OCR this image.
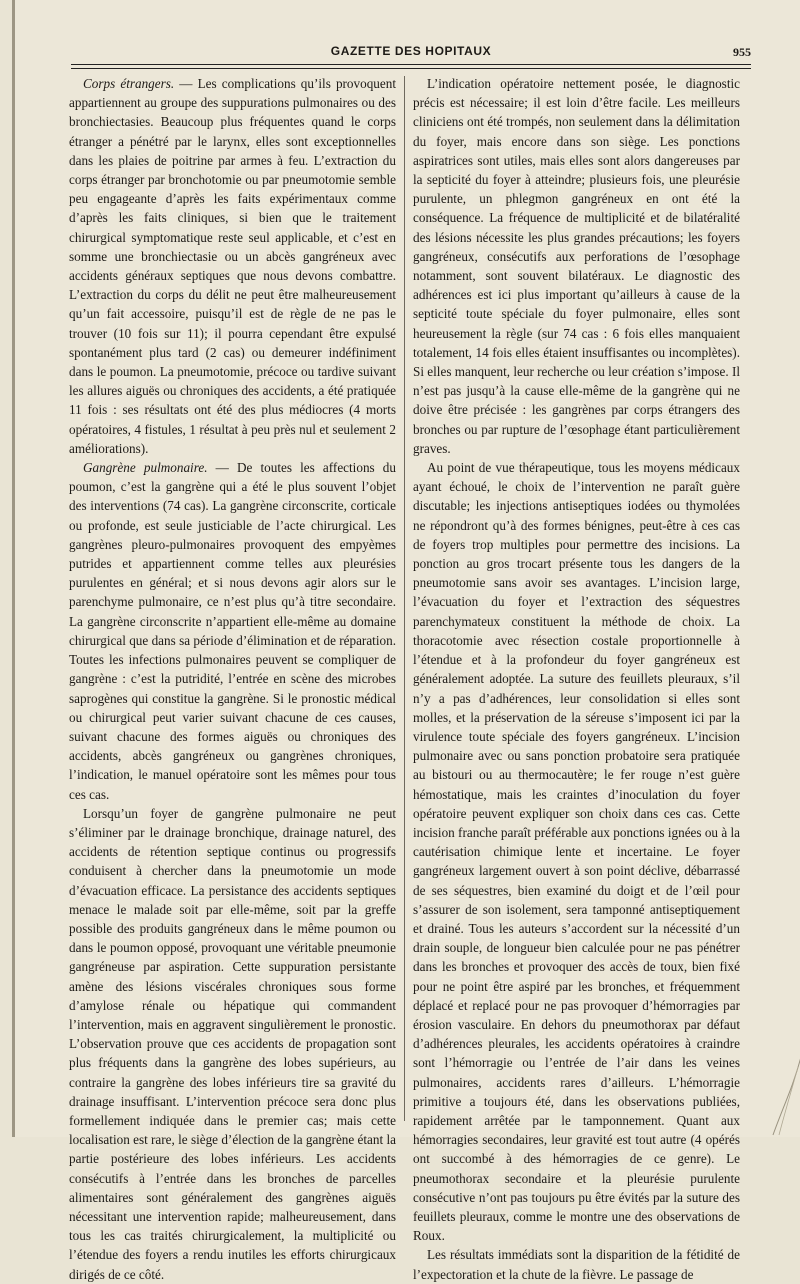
GAZETTE DES HOPITAUX	955

Corps étrangers. — Les complications qu’ils provoquent appartiennent au groupe des suppurations pulmonaires ou des bronchiectasies. Beaucoup plus fréquentes quand le corps étranger a pénétré par le larynx, elles sont exceptionnelles dans les plaies de poitrine par armes à feu. L’extraction du corps étranger par bronchotomie ou par pneumotomie semble peu engageante d’après les faits expérimentaux comme d’après les faits cliniques, si bien que le traitement chirurgical symptomatique reste seul applicable, et c’est en somme une bronchiectasie ou un abcès gangréneux avec accidents généraux septiques que nous devons combattre. L’extraction du corps du délit ne peut être malheureusement qu’un fait accessoire, puisqu’il est de règle de ne pas le trouver (10 fois sur 11); il pourra cependant être expulsé spontanément plus tard (2 cas) ou demeurer indéfiniment dans le poumon. La pneumotomie, précoce ou tardive suivant les allures aiguës ou chroniques des accidents, a été pratiquée 11 fois : ses résultats ont été des plus médiocres (4 morts opératoires, 4 fistules, 1 résultat à peu près nul et seulement 2 améliorations).

Gangrène pulmonaire. — De toutes les affections du poumon, c’est la gangrène qui a été le plus souvent l’objet des interventions (74 cas). La gangrène circonscrite, corticale ou profonde, est seule justiciable de l’acte chirurgical. Les gangrènes pleuro-pulmonaires provoquent des empyèmes putrides et appartiennent comme telles aux pleurésies purulentes en général; et si nous devons agir alors sur le parenchyme pulmonaire, ce n’est plus qu’à titre secondaire. La gangrène circonscrite n’appartient elle-même au domaine chirurgical que dans sa période d’élimination et de réparation. Toutes les infections pulmonaires peuvent se compliquer de gangrène : c’est la putridité, l’entrée en scène des microbes saprogènes qui constitue la gangrène. Si le pronostic médical ou chirurgical peut varier suivant chacune de ces causes, suivant chacune des formes aiguës ou chroniques des accidents, abcès gangréneux ou gangrènes chroniques, l’indication, le manuel opératoire sont les mêmes pour tous ces cas.

Lorsqu’un foyer de gangrène pulmonaire ne peut s’éliminer par le drainage bronchique, drainage naturel, des accidents de rétention septique continus ou progressifs conduisent à chercher dans la pneumotomie un mode d’évacuation efficace. La persistance des accidents septiques menace le malade soit par elle-même, soit par la greffe possible des produits gangréneux dans le même poumon ou dans le poumon opposé, provoquant une véritable pneumonie gangréneuse par aspiration. Cette suppuration persistante amène des lésions viscérales chroniques sous forme d’amylose rénale ou hépatique qui commandent l’intervention, mais en aggravent singulièrement le pronostic. L’observation prouve que ces accidents de propagation sont plus fréquents dans la gangrène des lobes supérieurs, au contraire la gangrène des lobes inférieurs tire sa gravité du drainage insuffisant. L’intervention précoce sera donc plus formellement indiquée dans le premier cas; mais cette localisation est rare, le siège d’élection de la gangrène étant la partie postérieure des lobes inférieurs. Les accidents consécutifs à l’entrée dans les bronches de parcelles alimentaires sont généralement des gangrènes aiguës nécessitant une intervention rapide; malheureusement, dans tous les cas traités chirurgicalement, la multiplicité ou l’étendue des foyers a rendu inutiles les efforts chirurgicaux dirigés de ce côté.

L’indication opératoire nettement posée, le diagnostic précis est nécessaire; il est loin d’être facile. Les meilleurs cliniciens ont été trompés, non seulement dans la délimitation du foyer, mais encore dans son siège. Les ponctions aspiratrices sont utiles, mais elles sont alors dangereuses par la septicité du foyer à atteindre; plusieurs fois, une pleurésie purulente, un phlegmon gangréneux en ont été la conséquence. La fréquence de multiplicité et de bilatéralité des lésions nécessite les plus grandes précautions; les foyers gangréneux, consécutifs aux perforations de l’œsophage notamment, sont souvent bilatéraux. Le diagnostic des adhérences est ici plus important qu’ailleurs à cause de la septicité toute spéciale du foyer pulmonaire, elles sont heureusement la règle (sur 74 cas : 6 fois elles manquaient totalement, 14 fois elles étaient insuffisantes ou incomplètes). Si elles manquent, leur recherche ou leur création s’impose. Il n’est pas jusqu’à la cause elle-même de la gangrène qui ne doive être précisée : les gangrènes par corps étrangers des bronches ou par rupture de l’œsophage étant particulièrement graves.

Au point de vue thérapeutique, tous les moyens médicaux ayant échoué, le choix de l’intervention ne paraît guère discutable; les injections antiseptiques iodées ou thymolées ne répondront qu’à des formes bénignes, peut-être à ces cas de foyers trop multiples pour permettre des incisions. La ponction au gros trocart présente tous les dangers de la pneumotomie sans avoir ses avantages. L’incision large, l’évacuation du foyer et l’extraction des séquestres parenchymateux constituent la méthode de choix. La thoracotomie avec résection costale proportionnelle à l’étendue et à la profondeur du foyer gangréneux est généralement adoptée. La suture des feuillets pleuraux, s’il n’y a pas d’adhérences, leur consolidation si elles sont molles, et la préservation de la séreuse s’imposent ici par la virulence toute spéciale des foyers gangréneux. L’incision pulmonaire avec ou sans ponction probatoire sera pratiquée au bistouri ou au thermocautère; le fer rouge n’est guère hémostatique, mais les craintes d’inoculation du foyer opératoire peuvent expliquer son choix dans ces cas. Cette incision franche paraît préférable aux ponctions ignées ou à la cautérisation chimique lente et incertaine. Le foyer gangréneux largement ouvert à son point déclive, débarrassé de ses séquestres, bien examiné du doigt et de l’œil pour s’assurer de son isolement, sera tamponné antiseptiquement et drainé. Tous les auteurs s’accordent sur la nécessité d’un drain souple, de longueur bien calculée pour ne pas pénétrer dans les bronches et provoquer des accès de toux, bien fixé pour ne point être aspiré par les bronches, et fréquemment déplacé et replacé pour ne pas provoquer d’hémorragies par érosion vasculaire. En dehors du pneumothorax par défaut d’adhérences pleurales, les accidents opératoires à craindre sont l’hémorragie ou l’entrée de l’air dans les veines pulmonaires, accidents rares d’ailleurs. L’hémorragie primitive a toujours été, dans les observations publiées, rapidement arrêtée par le tamponnement. Quant aux hémorragies secondaires, leur gravité est tout autre (4 opérés ont succombé à des hémorragies de ce genre). Le pneumothorax secondaire et la pleurésie purulente consécutive n’ont pas toujours pu être évités par la suture des feuillets pleuraux, comme le montre une des observations de Roux.

Les résultats immédiats sont la disparition de la fétidité de l’expectoration et la chute de la fièvre. Le passage de
